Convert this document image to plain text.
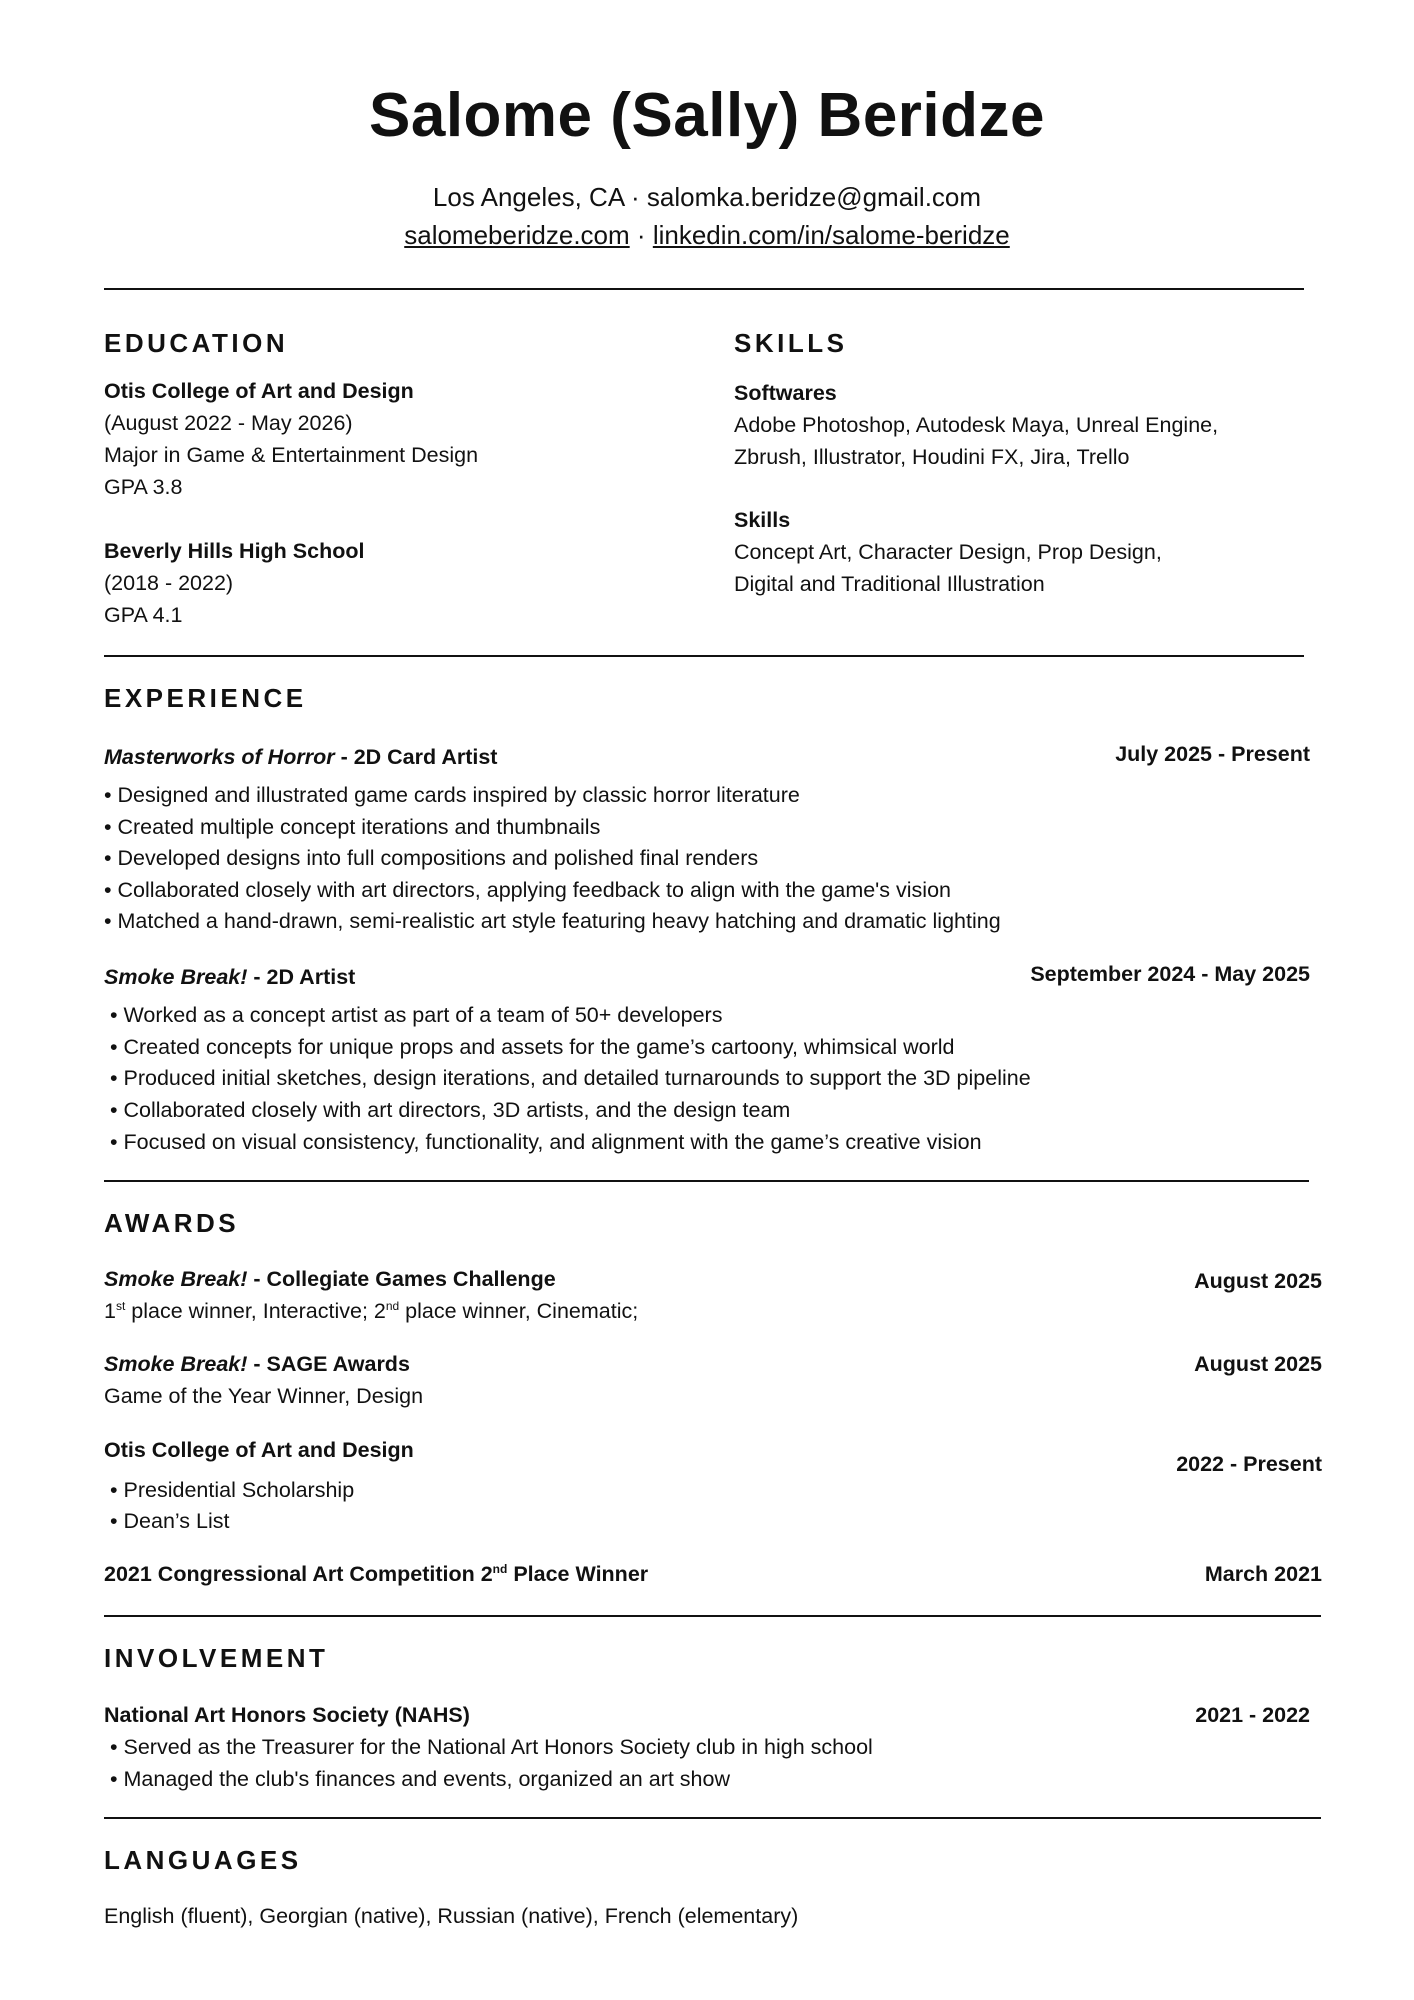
Salome (Sally) Beridze
Los Angeles, CA · salomka.beridze@gmail.com
salomeberidze.com · linkedin.com/in/salome-beridze
EDUCATION
Otis College of Art and Design
(August 2022 - May 2026)
Major in Game & Entertainment Design
GPA 3.8
Beverly Hills High School
(2018 - 2022)
GPA 4.1
SKILLS
Softwares
Adobe Photoshop, Autodesk Maya, Unreal Engine,
Zbrush, Illustrator, Houdini FX, Jira, Trello
Skills
Concept Art, Character Design, Prop Design,
Digital and Traditional Illustration
EXPERIENCE
Masterworks of Horror - 2D Card Artist	July 2025 - Present
• Designed and illustrated game cards inspired by classic horror literature
• Created multiple concept iterations and thumbnails
• Developed designs into full compositions and polished final renders
• Collaborated closely with art directors, applying feedback to align with the game's vision
• Matched a hand-drawn, semi-realistic art style featuring heavy hatching and dramatic lighting
Smoke Break! - 2D Artist	September 2024 - May 2025
• Worked as a concept artist as part of a team of 50+ developers
• Created concepts for unique props and assets for the game’s cartoony, whimsical world
• Produced initial sketches, design iterations, and detailed turnarounds to support the 3D pipeline
• Collaborated closely with art directors, 3D artists, and the design team
• Focused on visual consistency, functionality, and alignment with the game’s creative vision
AWARDS
Smoke Break! - Collegiate Games Challenge	August 2025
1st place winner, Interactive; 2nd place winner, Cinematic;
Smoke Break! - SAGE Awards	August 2025
Game of the Year Winner, Design
Otis College of Art and Design
2022 - Present
• Presidential Scholarship
• Dean’s List
2021 Congressional Art Competition 2nd Place Winner	March 2021
INVOLVEMENT
National Art Honors Society (NAHS)	2021 - 2022
• Served as the Treasurer for the National Art Honors Society club in high school
• Managed the club's finances and events, organized an art show
LANGUAGES
English (fluent), Georgian (native), Russian (native), French (elementary)
